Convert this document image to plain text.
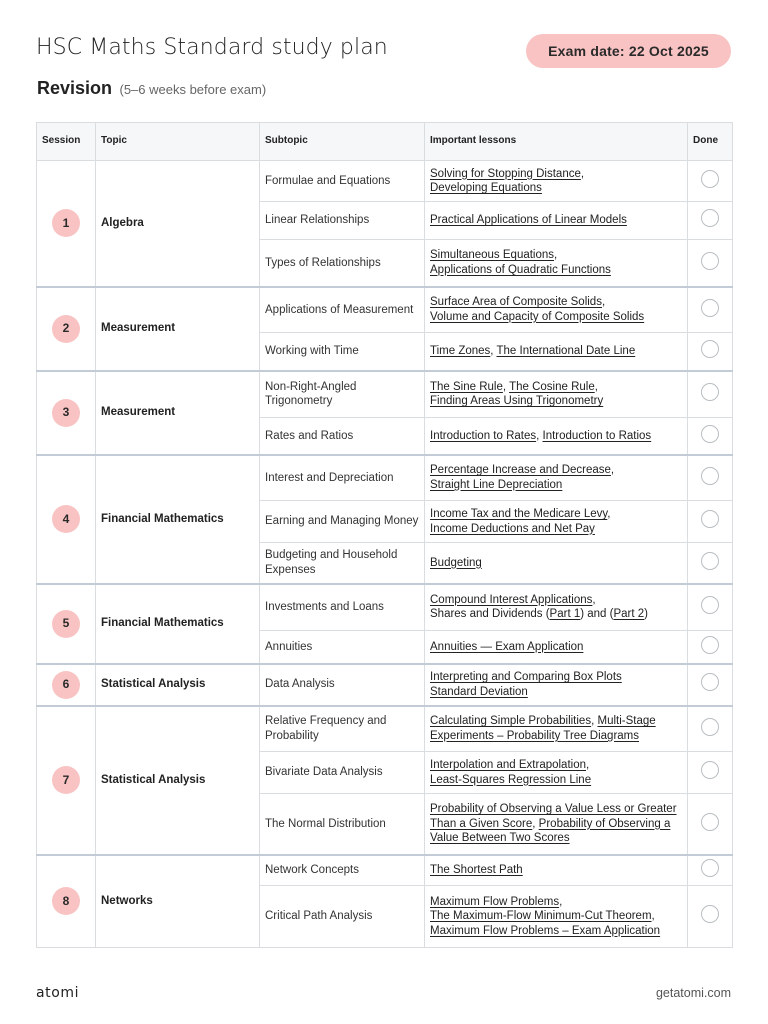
HSC Maths Standard study plan	Exam date: 22 Oct 2025
Revision (5–6 weeks before exam)
Session	Topic	Subtopic	Important lessons	Done
1	Algebra	Formulae and Equations	Solving for Stopping Distance,
Developing Equations	
		Linear Relationships	Practical Applications of Linear Models	
		Types of Relationships	Simultaneous Equations,
Applications of Quadratic Functions	
2	Measurement	Applications of Measurement	Surface Area of Composite Solids,
Volume and Capacity of Composite Solids	
		Working with Time	Time Zones, The International Date Line	
3	Measurement	Non-Right-Angled Trigonometry	The Sine Rule, The Cosine Rule,
Finding Areas Using Trigonometry	
		Rates and Ratios	Introduction to Rates, Introduction to Ratios	
4	Financial Mathematics	Interest and Depreciation	Percentage Increase and Decrease,
Straight Line Depreciation	
		Earning and Managing Money	Income Tax and the Medicare Levy,
Income Deductions and Net Pay	
		Budgeting and Household Expenses	Budgeting	
5	Financial Mathematics	Investments and Loans	Compound Interest Applications,
Shares and Dividends (Part 1) and (Part 2)	
		Annuities	Annuities — Exam Application	
6	Statistical Analysis	Data Analysis	Interpreting and Comparing Box Plots
Standard Deviation	
7	Statistical Analysis	Relative Frequency and Probability	Calculating Simple Probabilities, Multi-Stage Experiments – Probability Tree Diagrams	
		Bivariate Data Analysis	Interpolation and Extrapolation,
Least-Squares Regression Line	
		The Normal Distribution	Probability of Observing a Value Less or Greater Than a Given Score, Probability of Observing a Value Between Two Scores	
8	Networks	Network Concepts	The Shortest Path	
		Critical Path Analysis	Maximum Flow Problems,
The Maximum-Flow Minimum-Cut Theorem,
Maximum Flow Problems – Exam Application	
atomi	getatomi.com
